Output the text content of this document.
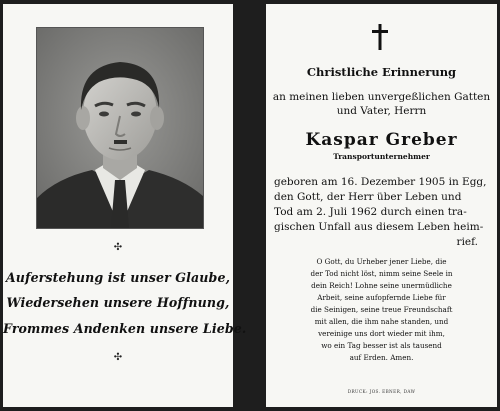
✣
Auferstehung ist unser Glaube,
Wiedersehen unsere Hoffnung,
Frommes Andenken unsere Liebe.
✣
Christliche Erinnerung
an meinen lieben unvergeßlichen Gatten
und Vater, Herrn
Kaspar Greber
Transportunternehmer
geboren am 16. Dezember 1905 in Egg,
den Gott, der Herr über Leben und
Tod am 2. Juli 1962 durch einen tra-
gischen Unfall aus diesem Leben heim-
rief.
O Gott, du Urheber jener Liebe, die
der Tod nicht löst, nimm seine Seele in
dein Reich! Lohne seine unermüdliche
Arbeit, seine aufopfernde Liebe für
die Seinigen, seine treue Freundschaft
mit allen, die ihm nahe standen, und
vereinige uns dort wieder mit ihm,
wo ein Tag besser ist als tausend
auf Erden. Amen.
DRUCK: JOS. EBNER, DAW
